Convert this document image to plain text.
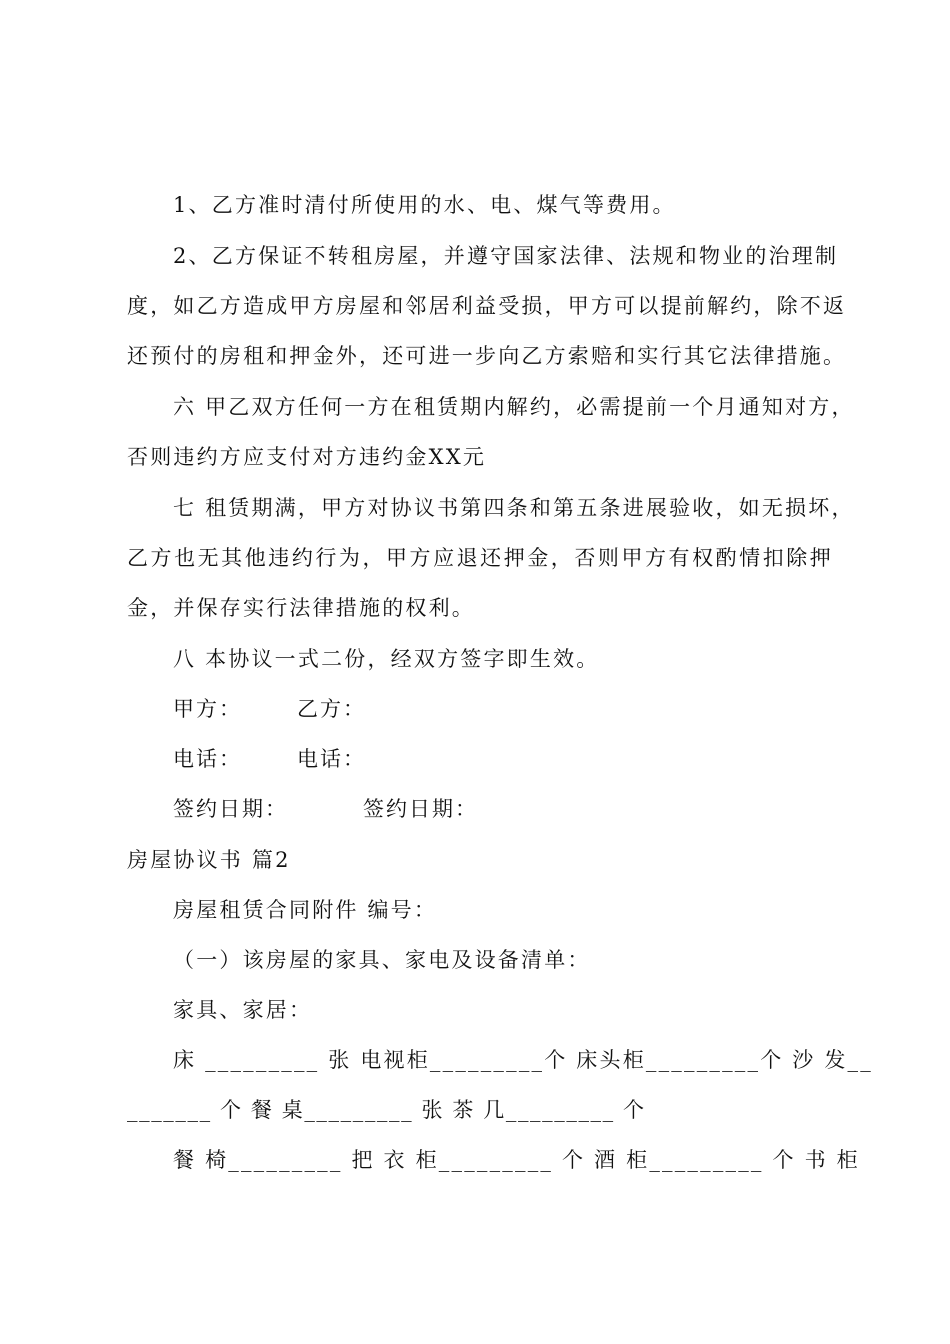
1、乙方准时清付所使用的水、电、煤气等费用。
2、乙方保证不转租房屋，并遵守国家法律、法规和物业的治理制
度，如乙方造成甲方房屋和邻居利益受损，甲方可以提前解约，除不返
还预付的房租和押金外，还可进一步向乙方索赔和实行其它法律措施。
六 甲乙双方任何一方在租赁期内解约，必需提前一个月通知对方，
否则违约方应支付对方违约金XX元
七 租赁期满，甲方对协议书第四条和第五条进展验收，如无损坏，
乙方也无其他违约行为，甲方应退还押金，否则甲方有权酌情扣除押
金，并保存实行法律措施的权利。
八 本协议一式二份，经双方签字即生效。
甲方：	乙方：
电话：	电话：
签约日期：	签约日期：
房屋协议书 篇2
房屋租赁合同附件 编号：
（一）该房屋的家具、家电及设备清单：
家具、家居：
床 _________ 张 电视柜_________个 床头柜_________个 沙 发__
_______ 个 餐 桌_________ 张 茶 几_________ 个
餐 椅_________ 把 衣 柜_________ 个 酒 柜_________ 个 书 柜
